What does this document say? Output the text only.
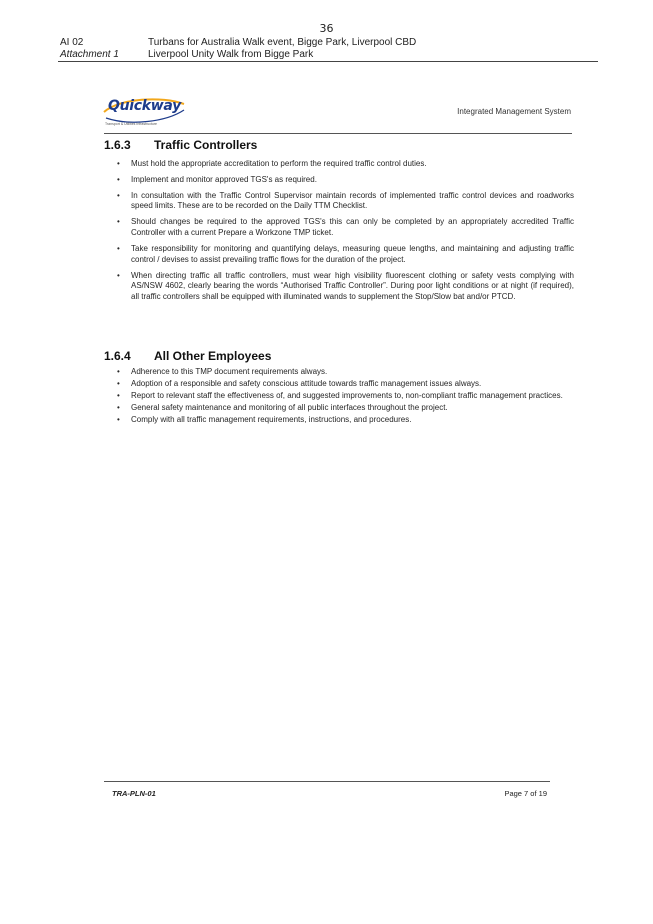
36
AI 02
Attachment 1
Turbans for Australia Walk event, Bigge Park, Liverpool CBD
Liverpool Unity Walk from Bigge Park
Quickway
Transport & Utilities Infrastructure
Integrated Management System
1.6.3	Traffic Controllers
• Must hold the appropriate accreditation to perform the required traffic control duties.
• Implement and monitor approved TGS's as required.
• In consultation with the Traffic Control Supervisor maintain records of implemented traffic control devices and roadworks speed limits. These are to be recorded on the Daily TTM Checklist.
• Should changes be required to the approved TGS's this can only be completed by an appropriately accredited Traffic Controller with a current Prepare a Workzone TMP ticket.
• Take responsibility for monitoring and quantifying delays, measuring queue lengths, and maintaining and adjusting traffic control / devises to assist prevailing traffic flows for the duration of the project.
• When directing traffic all traffic controllers, must wear high visibility fluorescent clothing or safety vests complying with AS/NSW 4602, clearly bearing the words “Authorised Traffic Controller”. During poor light conditions or at night (if required), all traffic controllers shall be equipped with illuminated wands to supplement the Stop/Slow bat and/or PTCD.
1.6.4	All Other Employees
• Adherence to this TMP document requirements always.
• Adoption of a responsible and safety conscious attitude towards traffic management issues always.
• Report to relevant staff the effectiveness of, and suggested improvements to, non-compliant traffic management practices.
• General safety maintenance and monitoring of all public interfaces throughout the project.
• Comply with all traffic management requirements, instructions, and procedures.
TRA-PLN-01	Page 7 of 19
